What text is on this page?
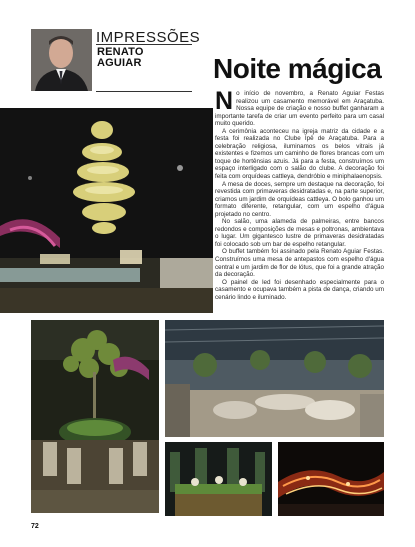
IMPRESSÕES
RENATO
AGUIAR	Noite mágica

No início de novembro, a Renato Aguiar Festas realizou um casamento memorável em Araçatuba. Nossa equipe de criação e nosso buffet ganharam a importante tarefa de criar um evento perfeito para um casal muito querido.

A cerimônia aconteceu na igreja matriz da cidade e a festa foi realizada no Clube Ipê de Araçatuba. Para a celebração religiosa, iluminamos os belos vitrais já existentes e fizemos um caminho de flores brancas com um toque de hortênsias azuis. Já para a festa, construímos um espaço interligado com o salão do clube. A decoração foi feita com orquídeas cattleya, dendróbio e miniphalaenopsis.

A mesa de doces, sempre um destaque na decoração, foi revestida com primaveras desidratadas e, na parte superior, criamos um jardim de orquídeas cattleya. O bolo ganhou um formato diferente, retangular, com um espelho d'água projetado no centro.

No salão, uma alameda de palmeiras, entre bancos redondos e composições de mesas e poltronas, ambientava o lugar. Um gigantesco lustre de primaveras desidratadas foi colocado sob um bar de espelho retangular.

O buffet também foi assinado pela Renato Aguiar Festas. Construímos uma mesa de antepastos com espelho d'água central e um jardim de flor de lótus, que foi a grande atração da decoração.

O painel de led foi desenhado especialmente para o casamento e ocupava também a pista de dança, criando um cenário lindo e iluminado.

72
